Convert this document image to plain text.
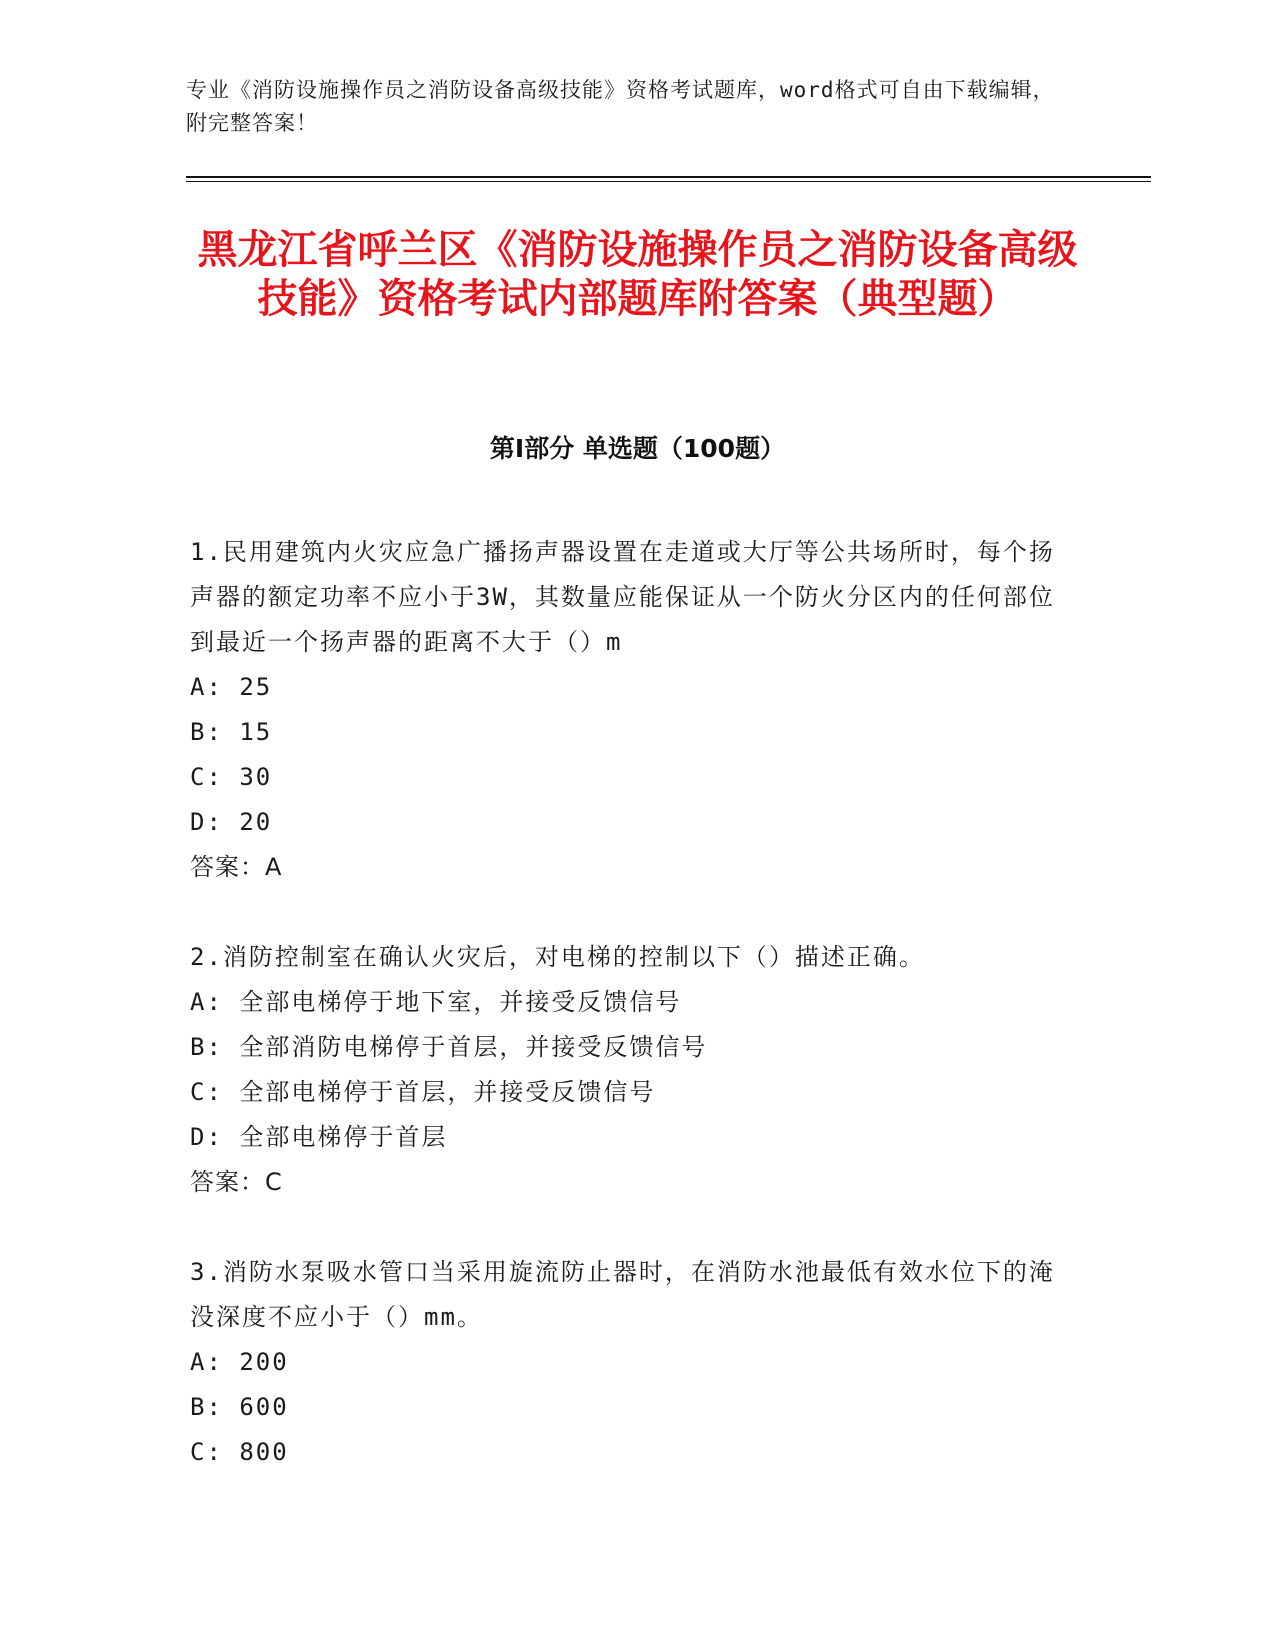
专业《消防设施操作员之消防设备高级技能》资格考试题库，word格式可自由下载编辑，附完整答案！
黑龙江省呼兰区《消防设施操作员之消防设备高级技能》资格考试内部题库附答案（典型题）
第I部分 单选题（100题）

1.民用建筑内火灾应急广播扬声器设置在走道或大厅等公共场所时，每个扬声器的额定功率不应小于3W，其数量应能保证从一个防火分区内的任何部位到最近一个扬声器的距离不大于（）m

A: 25

B: 15

C: 30

D: 20

答案：A

2.消防控制室在确认火灾后，对电梯的控制以下（）描述正确。

A: 全部电梯停于地下室，并接受反馈信号

B: 全部消防电梯停于首层，并接受反馈信号

C: 全部电梯停于首层，并接受反馈信号

D: 全部电梯停于首层

答案：C

3.消防水泵吸水管口当采用旋流防止器时，在消防水池最低有效水位下的淹没深度不应小于（）mm。

A: 200

B: 600

C: 800
